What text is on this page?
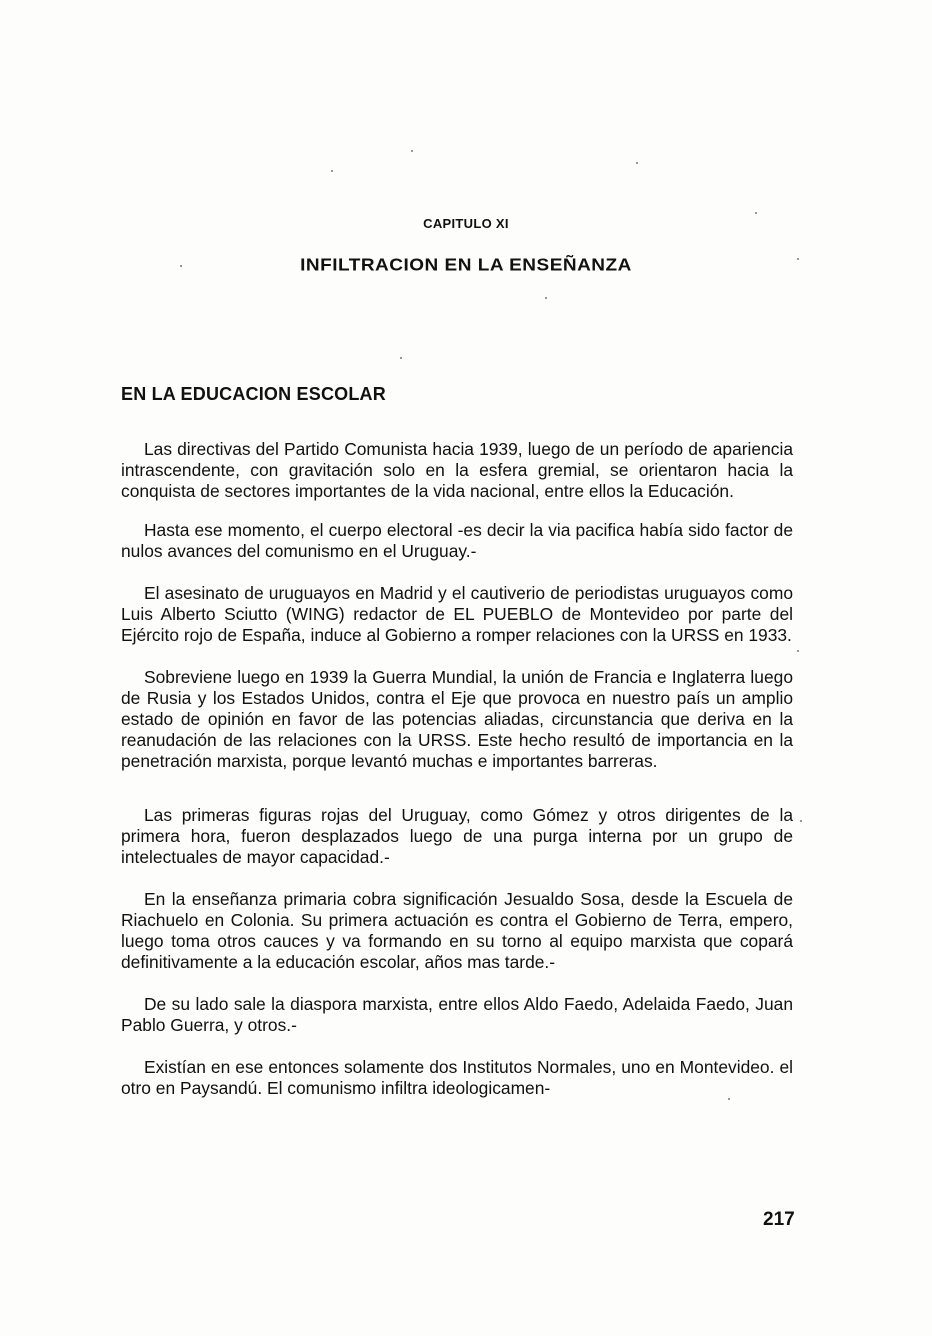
CAPITULO XI
INFILTRACION EN LA ENSEÑANZA
EN LA EDUCACION ESCOLAR

Las directivas del Partido Comunista hacia 1939, luego de un período de apariencia intrascendente, con gravitación solo en la esfera gremial, se orientaron hacia la conquista de sectores importantes de la vida nacional, entre ellos la Educación.

Hasta ese momento, el cuerpo electoral -es decir la via pacifica había sido factor de nulos avances del comunismo en el Uruguay.-

El asesinato de uruguayos en Madrid y el cautiverio de periodistas uruguayos como Luis Alberto Sciutto (WING) redactor de EL PUEBLO de Montevideo por parte del Ejército rojo de España, induce al Gobierno a romper relaciones con la URSS en 1933.

Sobreviene luego en 1939 la Guerra Mundial, la unión de Francia e Inglaterra luego de Rusia y los Estados Unidos, contra el Eje que provoca en nuestro país un amplio estado de opinión en favor de las potencias aliadas, circunstancia que deriva en la reanudación de las relaciones con la URSS. Este hecho resultó de importancia en la penetración marxista, porque levantó muchas e importantes barreras.

Las primeras figuras rojas del Uruguay, como Gómez y otros dirigentes de la primera hora, fueron desplazados luego de una purga interna por un grupo de intelectuales de mayor capacidad.-

En la enseñanza primaria cobra significación Jesualdo Sosa, desde la Escuela de Riachuelo en Colonia. Su primera actuación es contra el Gobierno de Terra, empero, luego toma otros cauces y va formando en su torno al equipo marxista que copará definitivamente a la educación escolar, años mas tarde.-

De su lado sale la diaspora marxista, entre ellos Aldo Faedo, Adelaida Faedo, Juan Pablo Guerra, y otros.-

Existían en ese entonces solamente dos Institutos Normales, uno en Montevideo. el otro en Paysandú. El comunismo infiltra ideologicamen-

217
